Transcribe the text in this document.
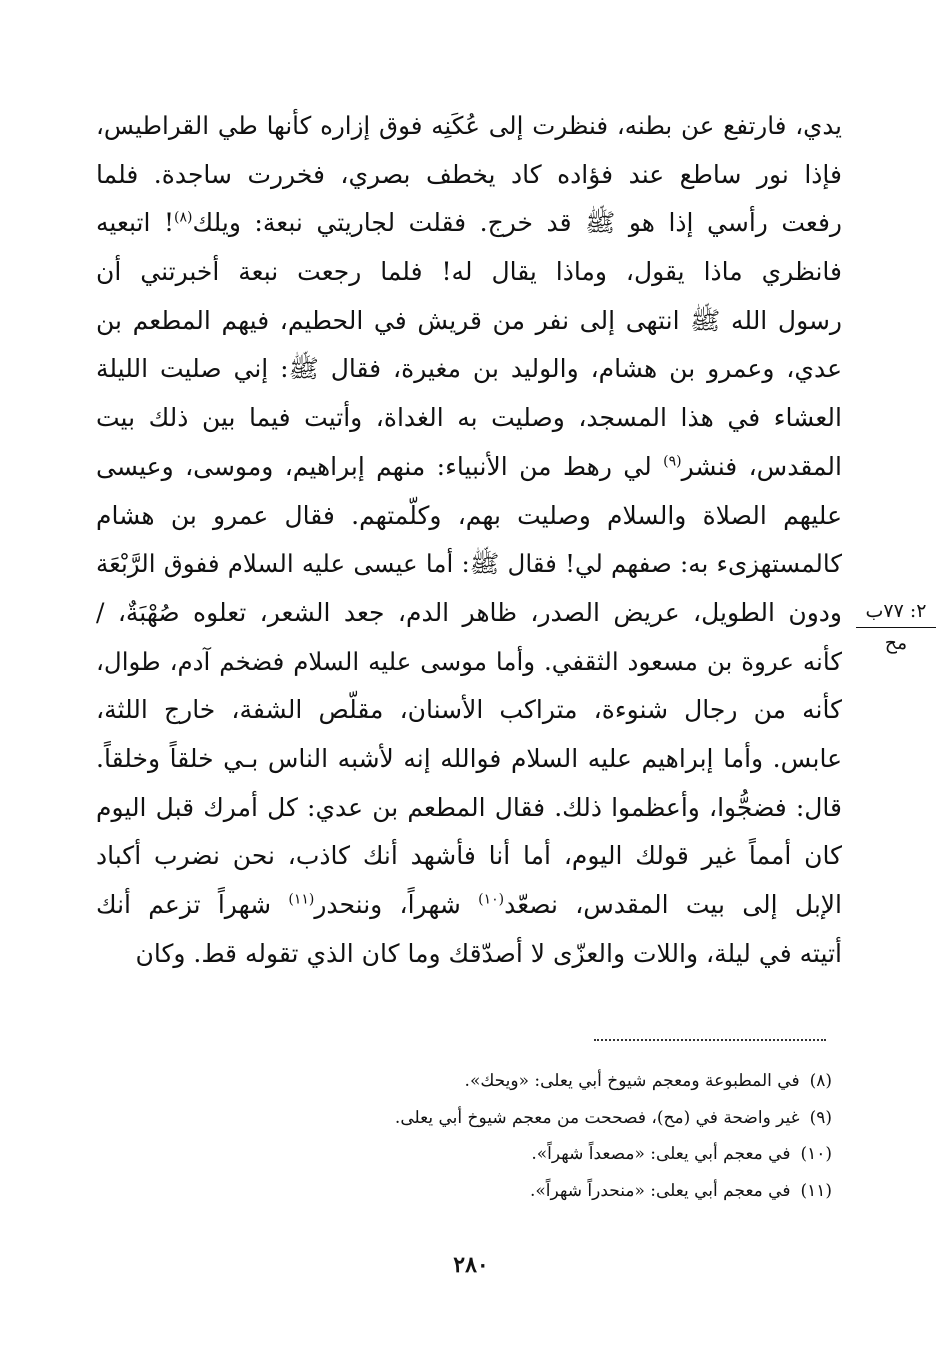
يدي، فارتفع عن بطنه، فنظرت إلى عُكَنِه فوق إزاره كأنها طي القراطيس،
فإذا نور ساطع عند فؤاده كاد يخطف بصري، فخررت ساجدة. فلما
رفعت رأسي إذا هو ﷺ قد خرج. فقلت لجاريتي نبعة: ويلك$^{(٨)}$! اتبعيه
فانظري ماذا يقول، وماذا يقال له! فلما رجعت نبعة أخبرتني أن
رسول الله ﷺ انتهى إلى نفر من قريش في الحطيم، فيهم المطعم بن
عدي، وعمرو بن هشام، والوليد بن مغيرة، فقال ﷺ: إني صليت الليلة
العشاء في هذا المسجد، وصليت به الغداة، وأتيت فيما بين ذلك بيت
المقدس، فنشر$^{(٩)}$ لي رهط من الأنبياء: منهم إبراهيم، وموسى، وعيسى
عليهم الصلاة والسلام وصليت بهم، وكلّمتهم. فقال عمرو بن هشام
كالمستهزىء به: صفهم لي! فقال ﷺ: أما عيسى عليه السلام ففوق الرَّبْعَة
ودون الطويل، عريض الصدر، ظاهر الدم، جعد الشعر، تعلوه صُهْبَةٌ، /
كأنه عروة بن مسعود الثقفي. وأما موسى عليه السلام فضخم آدم، طوال،
كأنه من رجال شنوءة، متراكب الأسنان، مقلّص الشفة، خارج اللثة،
عابس. وأما إبراهيم عليه السلام فوالله إنه لأشبه الناس بـي خلقاً وخلقاً.
قال: فضجُّوا، وأعظموا ذلك. فقال المطعم بن عدي: كل أمرك قبل اليوم
كان أمماً غير قولك اليوم، أما أنا فأشهد أنك كاذب، نحن نضرب أكباد
الإبل إلى بيت المقدس، نصعّد$^{(١٠)}$ شهراً، وننحدر$^{(١١)}$ شهراً تزعم أنك
أتيته في ليلة، واللات والعزّى لا أصدّقك وما كان الذي تقوله قط. وكان
٢: ٧٧ب
مح
(٨)في المطبوعة ومعجم شيوخ أبي يعلى: «ويحك».
(٩)غير واضحة في (مح)، فصححت من معجم شيوخ أبي يعلى.
(١٠)في معجم أبي يعلى: «مصعداً شهراً».
(١١)في معجم أبي يعلى: «منحدراً شهراً».
٢٨٠
